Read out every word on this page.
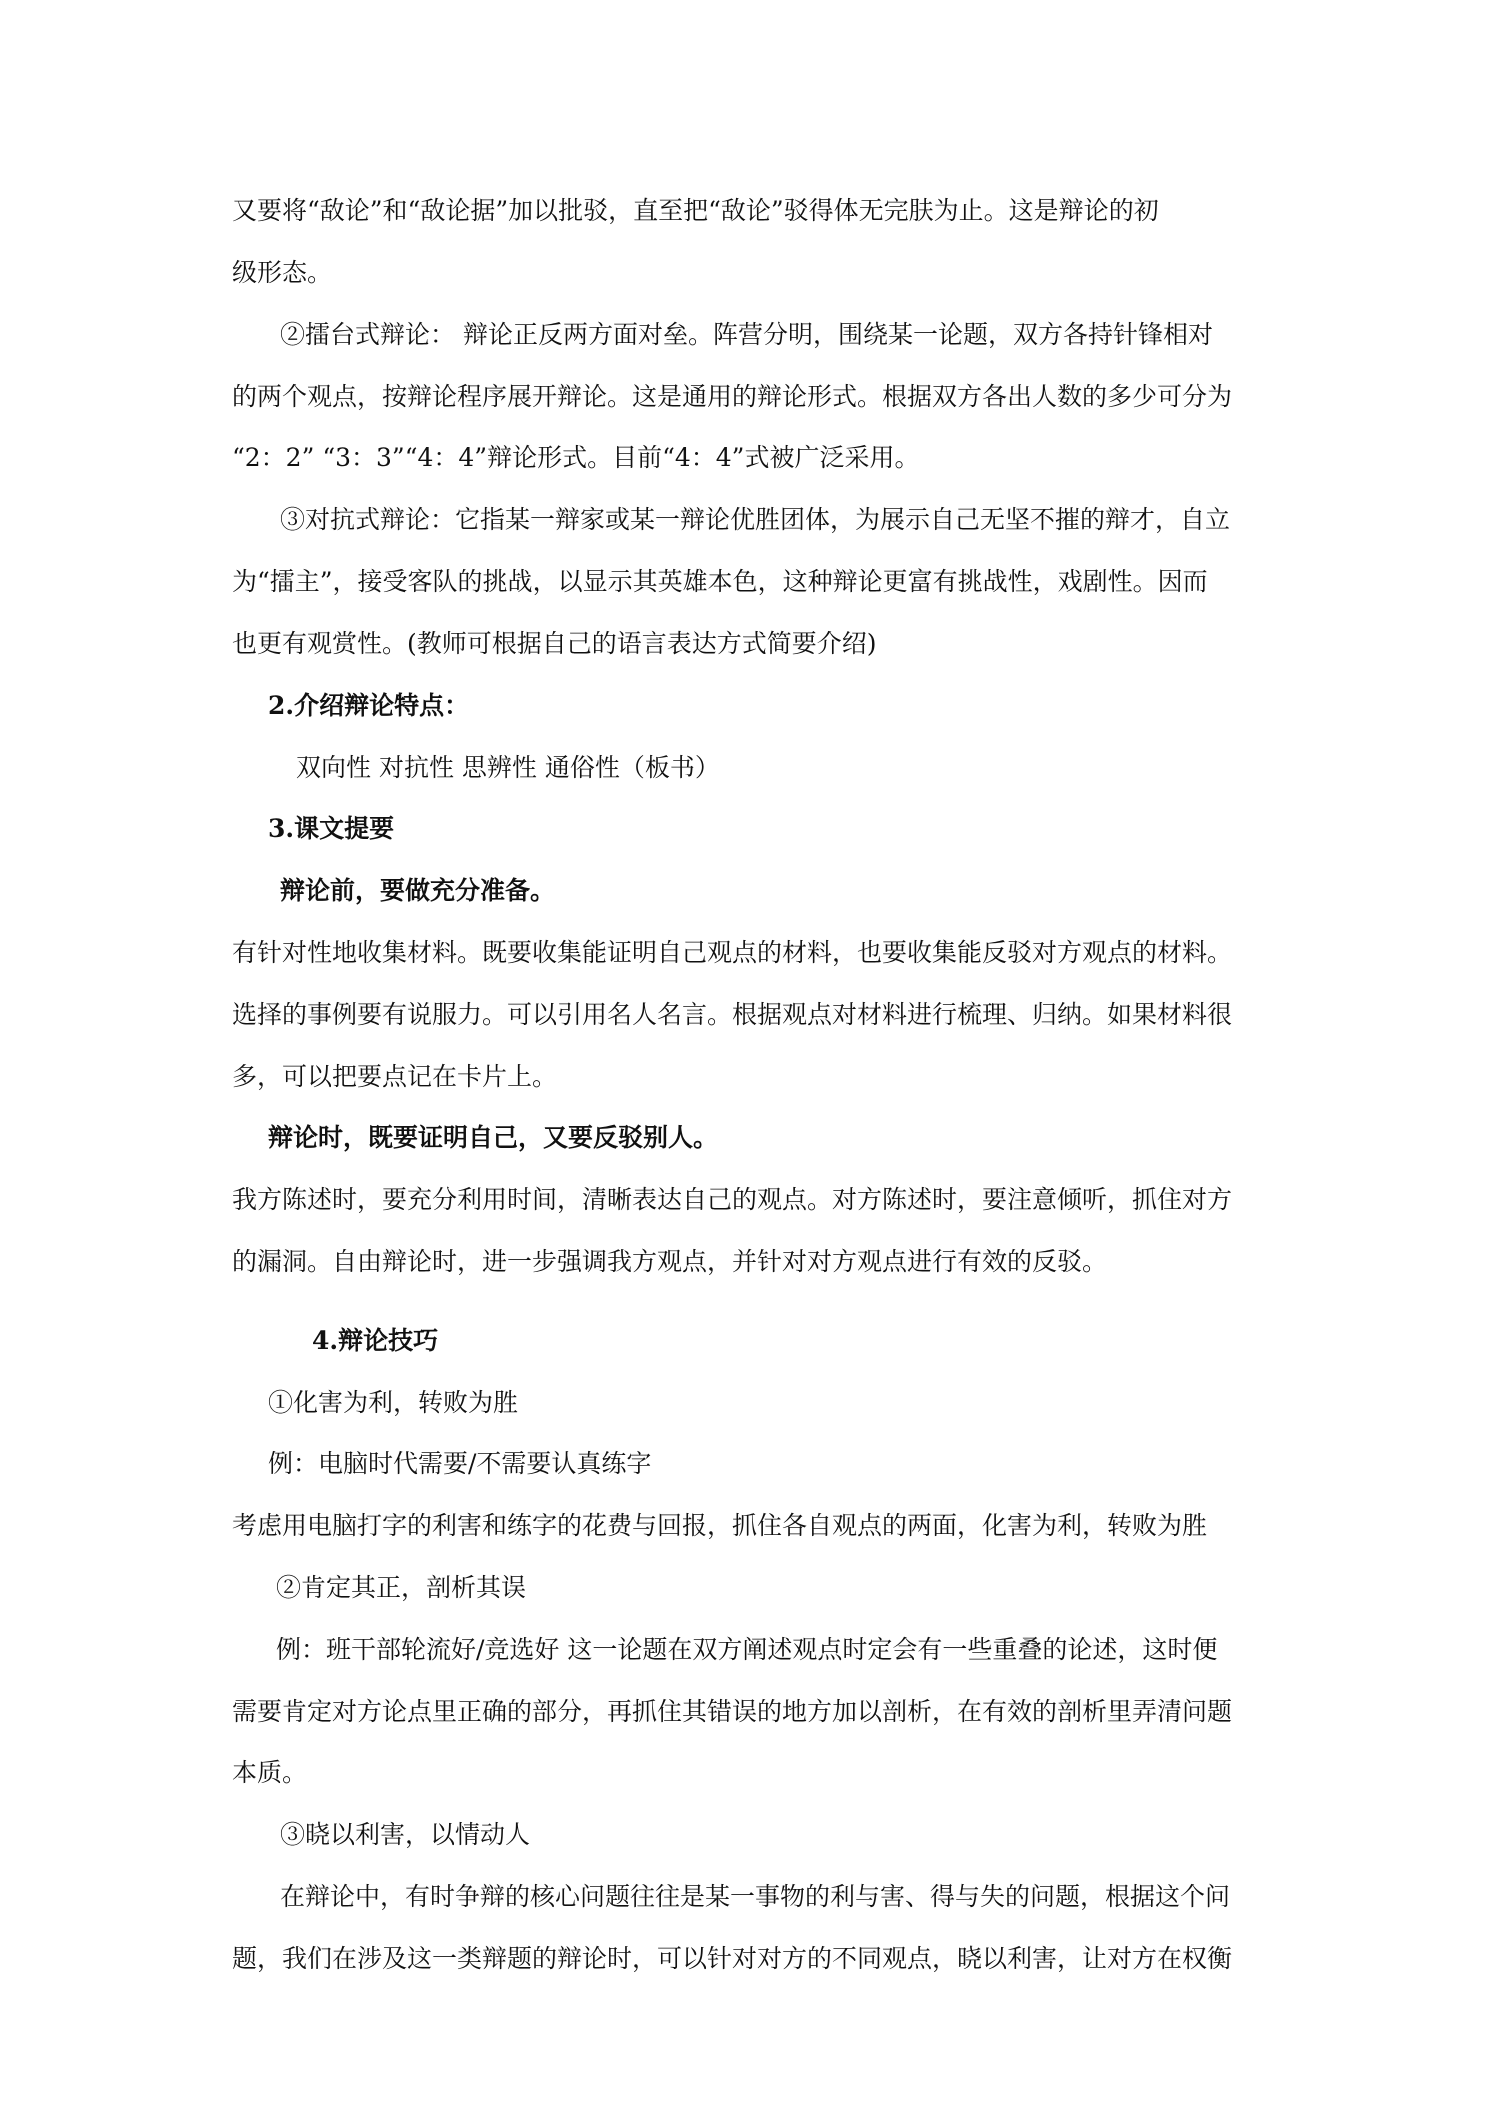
又要将“敌论”和“敌论据”加以批驳，直至把“敌论”驳得体无完肤为止。这是辩论的初
级形态。
②擂台式辩论： 辩论正反两方面对垒。阵营分明，围绕某一论题，双方各持针锋相对
的两个观点，按辩论程序展开辩论。这是通用的辩论形式。根据双方各出人数的多少可分为
“2：2” “3：3”“4：4”辩论形式。目前“4：4”式被广泛采用。
③对抗式辩论：它指某一辩家或某一辩论优胜团体，为展示自己无坚不摧的辩才，自立
为“擂主”，接受客队的挑战，以显示其英雄本色，这种辩论更富有挑战性，戏剧性。因而
也更有观赏性。(教师可根据自己的语言表达方式简要介绍)
2.介绍辩论特点：
双向性 对抗性 思辨性 通俗性（板书）
3.课文提要
辩论前，要做充分准备。
有针对性地收集材料。既要收集能证明自己观点的材料，也要收集能反驳对方观点的材料。
选择的事例要有说服力。可以引用名人名言。根据观点对材料进行梳理、归纳。如果材料很
多，可以把要点记在卡片上。
辩论时，既要证明自己，又要反驳别人。
我方陈述时，要充分利用时间，清晰表达自己的观点。对方陈述时，要注意倾听，抓住对方
的漏洞。自由辩论时，进一步强调我方观点，并针对对方观点进行有效的反驳。
4.辩论技巧
①化害为利，转败为胜
例：电脑时代需要/不需要认真练字
考虑用电脑打字的利害和练字的花费与回报，抓住各自观点的两面，化害为利，转败为胜
②肯定其正，剖析其误
例：班干部轮流好/竞选好 这一论题在双方阐述观点时定会有一些重叠的论述，这时便
需要肯定对方论点里正确的部分，再抓住其错误的地方加以剖析，在有效的剖析里弄清问题
本质。
③晓以利害，以情动人
在辩论中，有时争辩的核心问题往往是某一事物的利与害、得与失的问题，根据这个问
题，我们在涉及这一类辩题的辩论时，可以针对对方的不同观点，晓以利害，让对方在权衡
